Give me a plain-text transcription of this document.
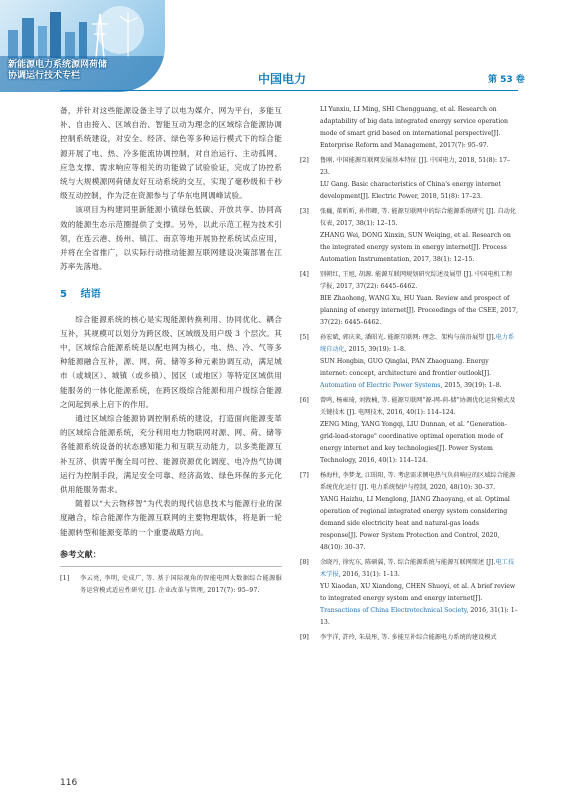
新能源电力系统源网荷储
协调运行技术专栏	中国电力	第 53 卷

备，并针对这些能源设备主导了以电为媒介、网为平台，多能互补、自由接入、区域自治、智能互动为理念的区域综合能源协调控制系统建设，对安全、经济、绿色等多种运行模式下的综合能源开展了电、热、冷多能流协调控制，对自治运行、主动孤网、应急支撑、需求响应等相关的功能做了试验验证，完成了协控系统与大规模源网荷储友好互动系统的交互，实现了毫秒级和千秒级互动控制，作为泛在资源参与了华东电网调峰试验。

该项目为构建同里新能源小镇绿色低碳、开放共享、协同高效的能源生态示范圈提供了支撑。另外，以此示范工程为技术引领，在连云港、扬州、镇江、南京等地开展协控系统试点应用，并将在全省推广，以实际行动推动能源互联网建设决策部署在江苏率先落地。

5 结语

综合能源系统的核心是实现能源转换利用、协同优化、耦合互补，其规模可以划分为跨区级、区域级及用户级 3 个层次。其中，区域综合能源系统是以配电网为核心，电、热、冷、气等多种能源融合互补，源、网、荷、储等多种元素协调互动，满足城市（或城区）、城镇（或乡镇）、园区（或地区）等特定区域供用能服务的一体化能源系统，在跨区级综合能源和用户级综合能源之间起到承上启下的作用。

通过区域综合能源协调控制系统的建设，打造面向能源变革的区域综合能源系统，充分利用电力物联网对源、网、荷、储等各能源系统设备的状态感知能力和互联互动能力，以多类能源互补互济、供需平衡全局可控、能源资源优化调度、电冷热气协调运行为控制手段，满足安全可靠、经济高效、绿色环保的多元化供用能服务需求。

随着以“大云物移智”为代表的现代信息技术与能源行业的深度融合，综合能源作为能源互联网的主要物理载体，将是新一轮能源转型和能源变革的一个重要战略方向。

参考文献：
[1]	李云亮, 李明, 史成广, 等. 基于国际视角的智能电网大数据综合能源服务运营模式适应性研究 [J]. 企业改革与管理, 2017(7): 95–97.
LI Yunxiu, LI Ming, SHI Chengguang, et al. Research on adaptability of big data integrated energy service operation mode of smart grid based on international perspective[J]. Enterprise Reform and Management, 2017(7): 95–97.
[2]	鲁刚. 中国能源互联网发展基本特征 [J]. 中国电力, 2018, 51(8): 17–23.
LU Gang. Basic characteristics of China's energy internet development[J]. Electric Power, 2018, 51(8): 17–23.
[3]	张巍, 董昕昕, 孙伟卿, 等. 能源互联网中的综合能源系统研究 [J]. 自动化仪表, 2017, 38(1): 12–15.
ZHANG Wei, DONG Xinxin, SUN Weiqing, et al. Research on the integrated energy system in energy internet[J]. Process Automation Instrumentation, 2017, 38(1): 12–15.
[4]	别朝红, 王旭, 胡源. 能源互联网规划研究综述及展望 [J]. 中国电机工程学报, 2017, 37(22): 6445–6462.
BIE Zhaohong, WANG Xu, HU Yuan. Review and prospect of planning of energy internet[J]. Proceedings of the CSEE, 2017, 37(22): 6445–6462.
[5]	孙宏斌, 郭庆来, 潘昭光. 能源互联网: 理念、架构与前沿展望 [J].电力系统自动化, 2015, 39(19): 1–8.
SUN Hongbin, GUO Qinglai, PAN Zhaoguang. Energy internet: concept, architecture and frontier outlook[J]. Automation of Electric Power Systems, 2015, 39(19): 1–8.
[6]	曾鸣, 杨雍琦, 刘敦楠, 等. 能源互联网“源-网-荷-储”协调优化运营模式及关键技术 [J]. 电网技术, 2016, 40(1): 114–124.
ZENG Ming, YANG Yongqi, LIU Dunnan, et al. "Generation-grid-load-storage" coordinative optimal operation mode of energy internet and key technologies[J]. Power System Technology, 2016, 40(1): 114–124.
[7]	杨海柱, 李梦龙, 江昭阳, 等. 考虑需求侧电热气负荷响应的区域综合能源系统优化运行 [J]. 电力系统保护与控制, 2020, 48(10): 30–37.
YANG Haizhu, LI Menglong, JIANG Zhaoyang, et al. Optimal operation of regional integrated energy system considering demand side electricity heat and natural-gas loads response[J]. Power System Protection and Control, 2020, 48(10): 30–37.
[8]	余晓丹, 徐宪东, 陈硕翼, 等. 综合能源系统与能源互联网简述 [J].电工技术学报, 2016, 31(1): 1–13.
YU Xiaodan, XU Xiandong, CHEN Shuoyi, et al. A brief review to integrated energy system and energy internet[J]. Transactions of China Electrotechnical Society, 2016, 31(1): 1–13.
[9]	李宇洋, 許玲, 朱晨彤, 等. 多能互补综合能源电力系统的建设模式
116
